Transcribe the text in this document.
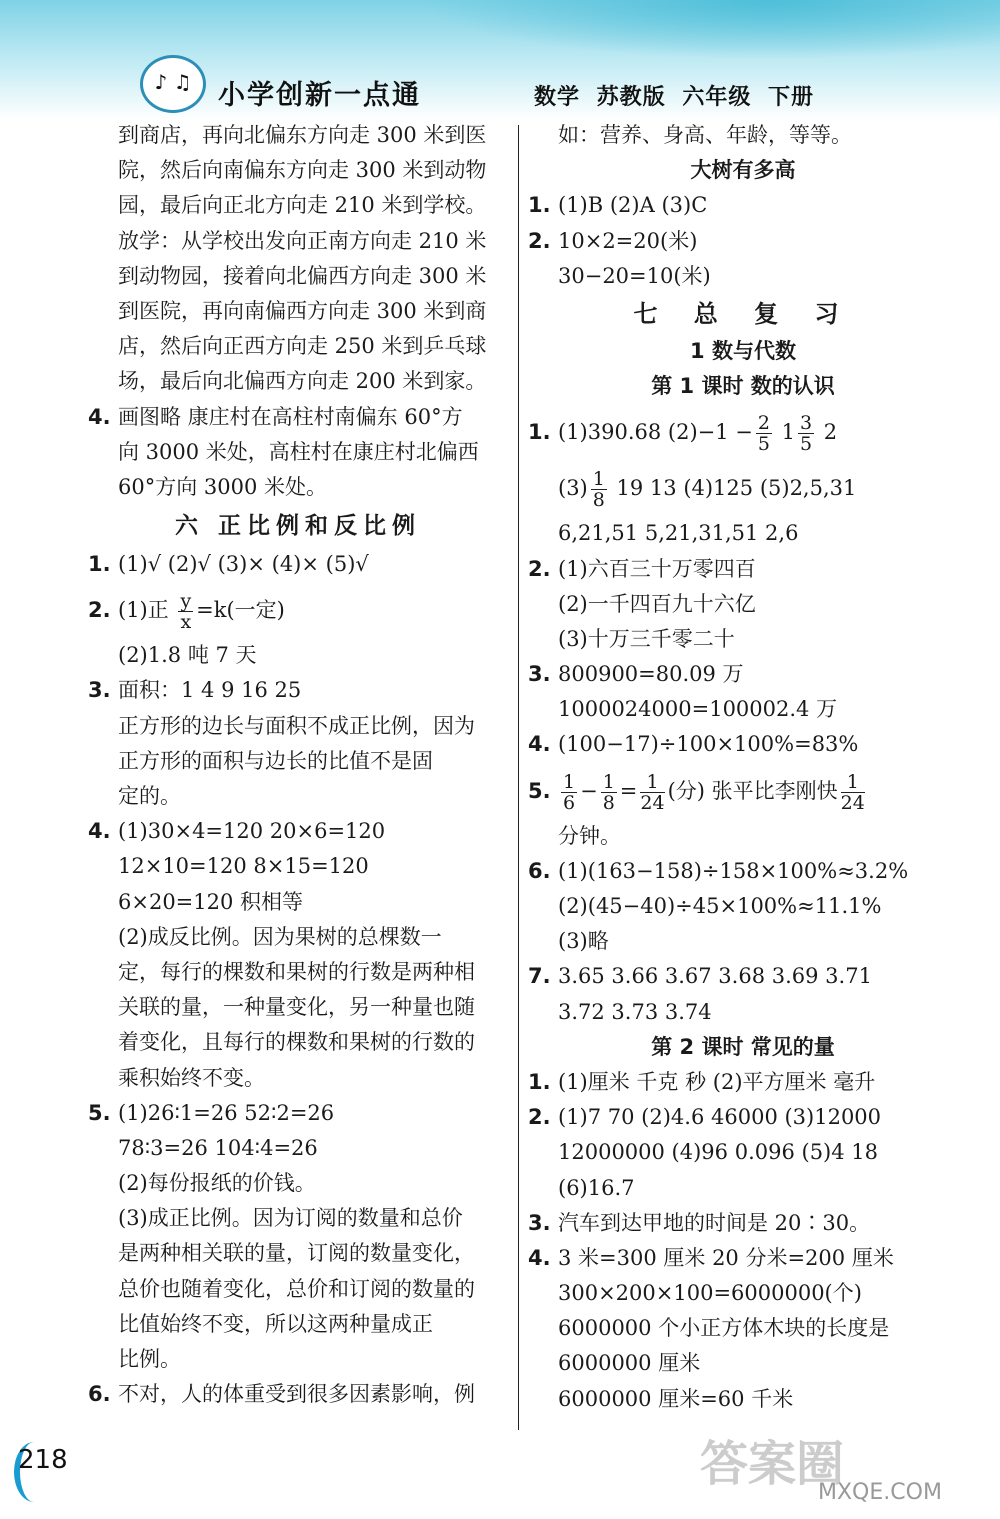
♪ ♫ 小学创新一点通	数学 苏教版 六年级 下册
到商店，再向北偏东方向走 300 米到医
院，然后向南偏东方向走 300 米到动物
园，最后向正北方向走 210 米到学校。
放学：从学校出发向正南方向走 210 米
到动物园，接着向北偏西方向走 300 米
到医院，再向南偏西方向走 300 米到商
店，然后向正西方向走 250 米到乒乓球
场，最后向北偏西方向走 200 米到家。
4. 画图略 康庄村在高柱村南偏东 60°方
向 3000 米处，高柱村在康庄村北偏西
60°方向 3000 米处。
六 正比例和反比例
1. (1)√ (2)√ (3)× (4)× (5)√
2. (1)正 $\frac{y}{x} =k$(一定)
(2)1.8 吨 7 天
3. 面积：1 4 9 16 25
正方形的边长与面积不成正比例，因为
正方形的面积与边长的比值不是固
定的。
4. (1)30×4=120 20×6=120
12×10=120 8×15=120
6×20=120 积相等
(2)成反比例。因为果树的总棵数一
定，每行的棵数和果树的行数是两种相
关联的量，一种量变化，另一种量也随
着变化，且每行的棵数和果树的行数的
乘积始终不变。
5. (1)26∶1=26 52∶2=26
78∶3=26 104∶4=26
(2)每份报纸的价钱。
(3)成正比例。因为订阅的数量和总价
是两种相关联的量，订阅的数量变化，
总价也随着变化，总价和订阅的数量的
比值始终不变，所以这两种量成正
比例。
6. 不对，人的体重受到很多因素影响，例
如：营养、身高、年龄，等等。
大树有多高
1. (1)B (2)A (3)C
2. 10×2=20(米)
30−20=10(米)
七 总 复 习
1 数与代数
第 1 课时 数的认识
1. (1)390.68 $(2)-1 - \frac{2}{5} 1 \frac{3}{5} 2$
$(3) \frac{1}{8} 19$ 13 (4)125 (5)2,5,31
6,21,51 5,21,31,51 2,6
2. (1)六百三十万零四百
(2)一千四百九十六亿
(3)十万三千零二十
3. 800900=80.09 万
1000024000=100002.4 万
4. (100−17)÷100×100%=83%
5. $\frac{1}{6} - \frac{1}{8} = \frac{1}{24}$ (分) 张平比李刚快 $\frac{1}{24}$
分钟。
6. (1)(163−158)÷158×100%≈3.2%
(2)(45−40)÷45×100%≈11.1%
(3)略
7. 3.65 3.66 3.67 3.68 3.69 3.71
3.72 3.73 3.74
第 2 课时 常见的量
1. (1)厘米 千克 秒 (2)平方厘米 毫升
2. (1)7 70 (2)4.6 46000 (3)12000
12000000 (4)96 0.096 (5)4 18
(6)16.7
3. 汽车到达甲地的时间是 20∶30。
4. 3 米=300 厘米 20 分米=200 厘米
300×200×100=6000000(个)
6000000 个小正方体木块的长度是
6000000 厘米
6000000 厘米=60 千米
218	答案圈
MXQE.COM
